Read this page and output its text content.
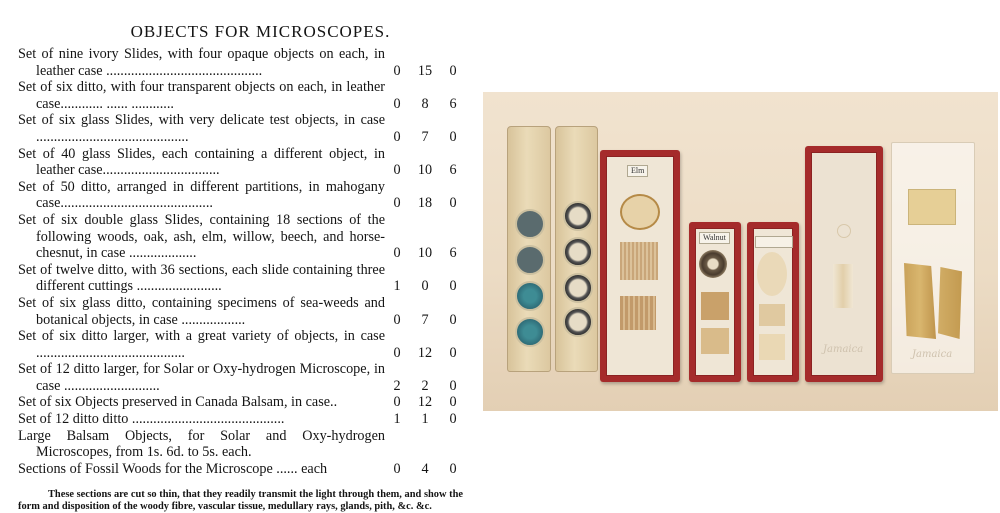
OBJECTS FOR MICROSCOPES.
Set of nine ivory Slides, with four opaque objects on each, in leather case ............................................	0	15	0
Set of six ditto, with four transparent objects on each, in leather case............ ...... ............	0	8	6
Set of six glass Slides, with very delicate test objects, in case ...........................................	0	7	0
Set of 40 glass Slides, each containing a different object, in leather case.................................	0	10	6
Set of 50 ditto, arranged in different partitions, in mahogany case...........................................	0	18	0
Set of six double glass Slides, containing 18 sections of the following woods, oak, ash, elm, willow, beech, and horse-chesnut, in case ...................	0	10	6
Set of twelve ditto, with 36 sections, each slide containing three different cuttings ........................	1	0	0
Set of six glass ditto, containing specimens of sea-weeds and botanical objects, in case ..................	0	7	0
Set of six ditto larger, with a great variety of objects, in case ..........................................	0	12	0
Set of 12 ditto larger, for Solar or Oxy-hydrogen Microscope, in case ...........................	2	2	0
Set of six Objects preserved in Canada Balsam, in case..	0	12	0
Set of 12 ditto ditto ...........................................	1	1	0
Large Balsam Objects, for Solar and Oxy-hydrogen Microscopes, from 1s. 6d. to 5s. each.
Sections of Fossil Woods for the Microscope ...... each	0	4	0
These sections are cut so thin, that they readily transmit the light through them, and show the form and disposition of the woody fibre, vascular tissue, medullary rays, glands, pith, &c. &c.
Elm
Walnut
Jamaica	Jamaica
